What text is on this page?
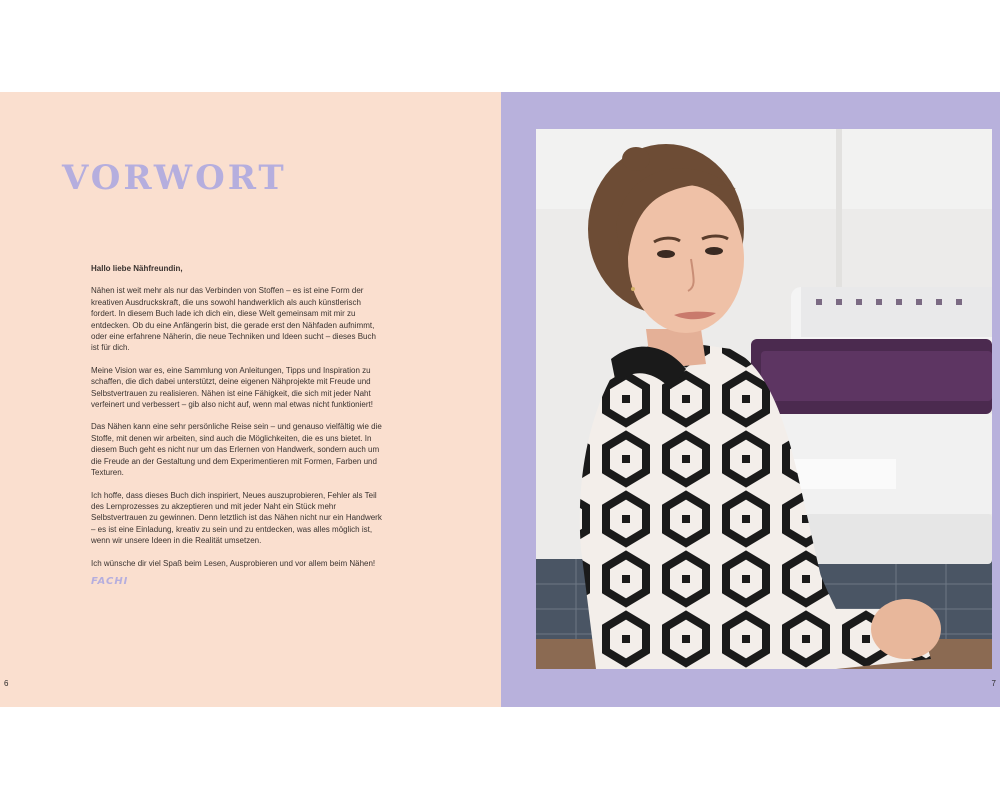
VORWORT

Hallo liebe Nähfreundin,

Nähen ist weit mehr als nur das Verbinden von Stoffen – es ist eine Form der kreativen Ausdruckskraft, die uns sowohl handwerklich als auch künstlerisch fordert. In diesem Buch lade ich dich ein, diese Welt gemeinsam mit mir zu entdecken. Ob du eine Anfängerin bist, die gerade erst den Nähfaden aufnimmt, oder eine erfahrene Näherin, die neue Techniken und Ideen sucht – dieses Buch ist für dich.

Meine Vision war es, eine Sammlung von Anleitungen, Tipps und Inspiration zu schaffen, die dich dabei unterstützt, deine eigenen Nähprojekte mit Freude und Selbstvertrauen zu realisieren. Nähen ist eine Fähigkeit, die sich mit jeder Naht verfeinert und verbessert – gib also nicht auf, wenn mal etwas nicht funktioniert!

Das Nähen kann eine sehr persönliche Reise sein – und genauso vielfältig wie die Stoffe, mit denen wir arbeiten, sind auch die Möglichkeiten, die es uns bietet. In diesem Buch geht es nicht nur um das Erlernen von Handwerk, sondern auch um die Freude an der Gestaltung und dem Experimentieren mit Formen, Farben und Texturen.

Ich hoffe, dass dieses Buch dich inspiriert, Neues auszuprobieren, Fehler als Teil des Lernprozesses zu akzeptieren und mit jeder Naht ein Stück mehr Selbstvertrauen zu gewinnen. Denn letztlich ist das Nähen nicht nur ein Handwerk – es ist eine Einladung, kreativ zu sein und zu entdecken, was alles möglich ist, wenn wir unsere Ideen in die Realität umsetzen.

Ich wünsche dir viel Spaß beim Lesen, Ausprobieren und vor allem beim Nähen!

FACHI

6	7
